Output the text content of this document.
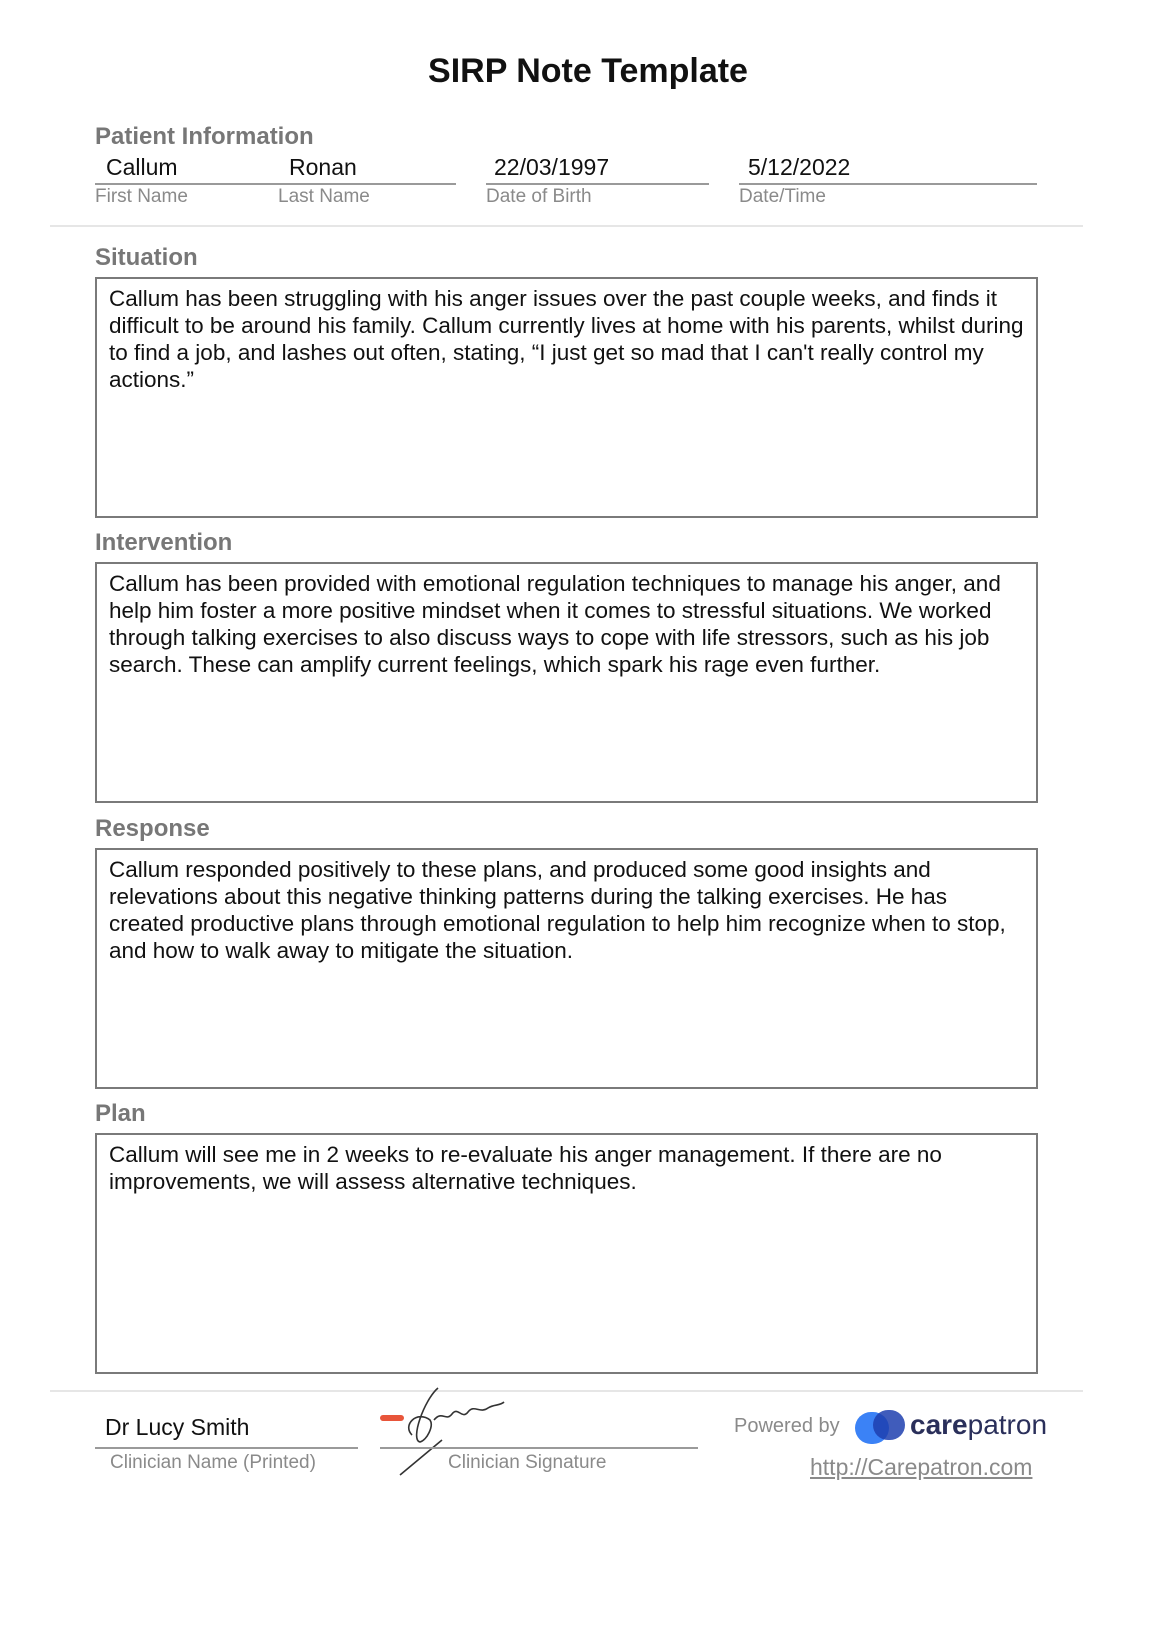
SIRP Note Template
Patient Information
Callum	Ronan
First Name	Last Name
22/03/1997
Date of Birth
5/12/2022
Date/Time
Situation
Callum has been struggling with his anger issues over the past couple weeks, and finds it difficult to be around his family. Callum currently lives at home with his parents, whilst during to find a job, and lashes out often, stating, “I just get so mad that I can't really control my actions.”
Intervention
Callum has been provided with emotional regulation techniques to manage his anger, and help him foster a more positive mindset when it comes to stressful situations. We worked through talking exercises to also discuss ways to cope with life stressors, such as his job search. These can amplify current feelings, which spark his rage even further.
Response
Callum responded positively to these plans, and produced some good insights and relevations about this negative thinking patterns during the talking exercises. He has created productive plans through emotional regulation to help him recognize when to stop, and how to walk away to mitigate the situation.
Plan
Callum will see me in 2 weeks to re-evaluate his anger management. If there are no improvements, we will assess alternative techniques.
Dr Lucy Smith
Clinician Name (Printed)	Clinician Signature
Powered by	carepatron
http://Carepatron.com
